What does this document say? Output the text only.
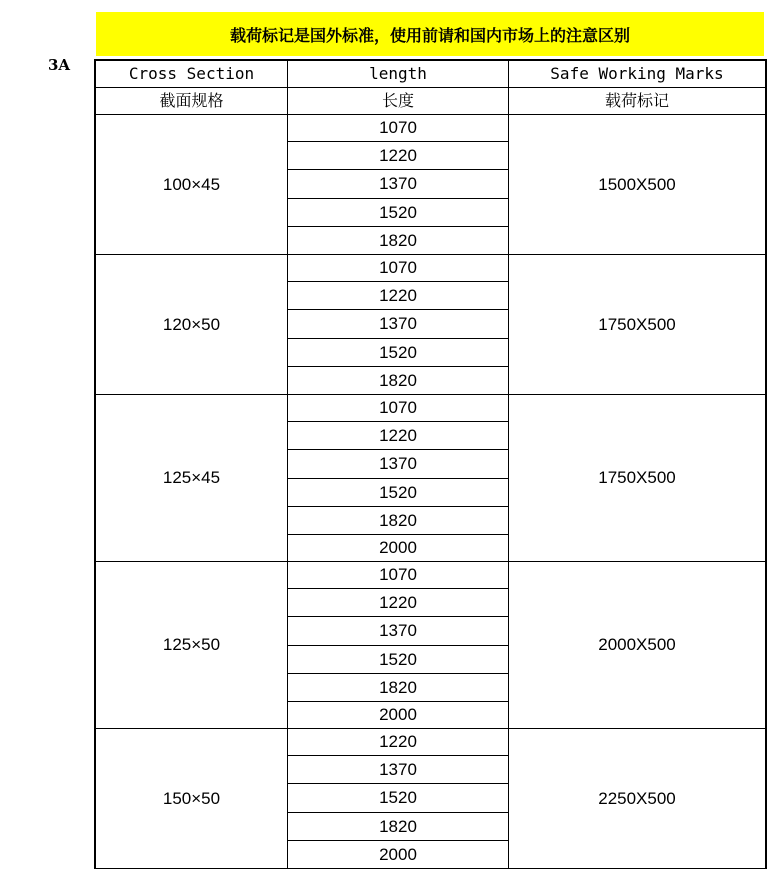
3A
载荷标记是国外标准，使用前请和国内市场上的注意区别
Cross Section	length	Safe Working Marks
截面规格	长度	载荷标记
100×45	1070	1500X500
	1220	
	1370	
	1520	
	1820	
120×50	1070	1750X500
	1220	
	1370	
	1520	
	1820	
125×45	1070	1750X500
	1220	
	1370	
	1520	
	1820	
	2000	
125×50	1070	2000X500
	1220	
	1370	
	1520	
	1820	
	2000	
150×50	1220	2250X500
	1370	
	1520	
	1820	
	2000	
